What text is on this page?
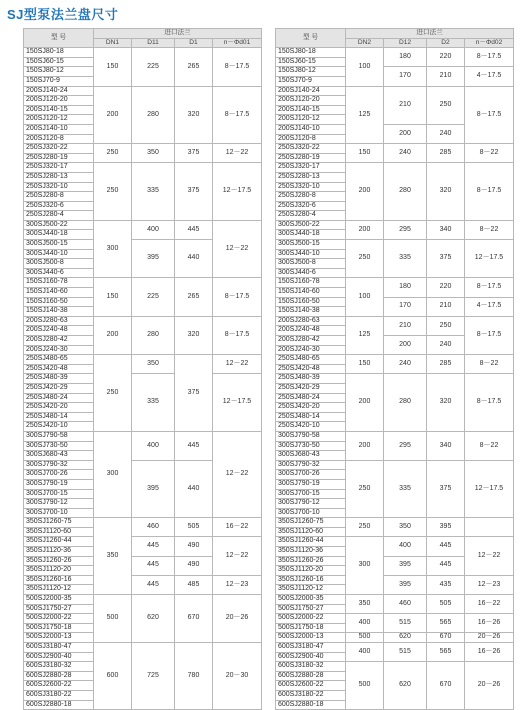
SJ型泵法兰盘尺寸
型 号	进口法兰			
	DN1	D11	D1	n－Φd01
150SJ80-18	150	225	265	8－17.5
150SJ60-15				
150SJ80-12				
150SJ70-9				
200SJ140-24	200	280	320	8－17.5
200SJ120-20				
200SJ140-15				
200SJ120-12				
200SJ140-10				
200SJ120-8				
250SJ320-22	250	350	375	12－22
250SJ280-19				
250SJ320-17	250	335	375	12－17.5
250SJ280-13				
250SJ320-10				
250SJ280-8				
250SJ320-6				
250SJ280-4				
300SJ500-22	300	400	445	12－22
300SJ440-18				
300SJ500-15		395	440	
300SJ440-10				
300SJ500-8				
300SJ440-6				
150SJ160-78	150	225	265	8－17.5
150SJ140-60				
150SJ160-50				
150SJ140-38				
200SJ280-63	200	280	320	8－17.5
200SJ240-48				
200SJ280-42				
200SJ240-30				
250SJ480-65	250	350	375	12－22
250SJ420-48				
250SJ480-39		335		12－17.5
250SJ420-29				
250SJ480-24				
250SJ420-20				
250SJ480-14				
250SJ420-10				
300SJ790-58	300	400	445	12－22
300SJ730-50				
300SJ680-43				
300SJ790-32		395	440	
300SJ700-26				
300SJ790-19				
300SJ700-15				
300SJ790-12				
300SJ700-10				
350SJ1260-75	350	460	505	16－22
350SJ1120-60				
350SJ1260-44		445	490	12－22
350SJ1120-36				
350SJ1260-26		445	490	
350SJ1120-20				
350SJ1260-16		445	485	12－23
350SJ1120-12				
500SJ2000-35	500	620	670	20－26
500SJ1750-27				
500SJ2000-22				
500SJ1750-18				
500SJ2000-13				
600SJ3180-47	600	725	780	20－30
600SJ2900-40				
600SJ3180-32				
600SJ2880-28				
600SJ2600-22				
600SJ3180-22				
600SJ2880-18				
型 号	进口法兰			
	DN2	D12	D2	n－Φd02
150SJ80-18	100	180	220	8－17.5
150SJ60-15				
150SJ80-12		170	210	4－17.5
150SJ70-9				
200SJ140-24	125	210	250	8－17.5
200SJ120-20				
200SJ140-15				
200SJ120-12				
200SJ140-10		200	240	
200SJ120-8				
250SJ320-22	150	240	285	8－22
250SJ280-19				
250SJ320-17	200	280	320	8－17.5
250SJ280-13				
250SJ320-10				
250SJ280-8				
250SJ320-6				
250SJ280-4				
300SJ500-22	200	295	340	8－22
300SJ440-18				
300SJ500-15	250	335	375	12－17.5
300SJ440-10				
300SJ500-8				
300SJ440-6				
150SJ160-78	100	180	220	8－17.5
150SJ140-60				
150SJ160-50		170	210	4－17.5
150SJ140-38				
200SJ280-63	125	210	250	8－17.5
200SJ240-48				
200SJ280-42		200	240	
200SJ240-30				
250SJ480-65	150	240	285	8－22
250SJ420-48				
250SJ480-39	200	280	320	8－17.5
250SJ420-29				
250SJ480-24				
250SJ420-20				
250SJ480-14				
250SJ420-10				
300SJ790-58	200	295	340	8－22
300SJ730-50				
300SJ680-43				
300SJ790-32	250	335	375	12－17.5
300SJ700-26				
300SJ790-19				
300SJ700-15				
300SJ790-12				
300SJ700-10				
350SJ1260-75	250	350	395	
350SJ1120-60				
350SJ1260-44	300	400	445	12－22
350SJ1120-36				
350SJ1260-26		395	445	
350SJ1120-20				
350SJ1260-16		395	435	12－23
350SJ1120-12				
500SJ2000-35	350	460	505	16－22
500SJ1750-27				
500SJ2000-22	400	515	565	16－26
500SJ1750-18				
500SJ2000-13	500	620	670	20－26
600SJ3180-47	400	515	565	16－26
600SJ2900-40				
600SJ3180-32	500	620	670	20－26
600SJ2880-28				
600SJ2600-22				
600SJ3180-22				
600SJ2880-18				
